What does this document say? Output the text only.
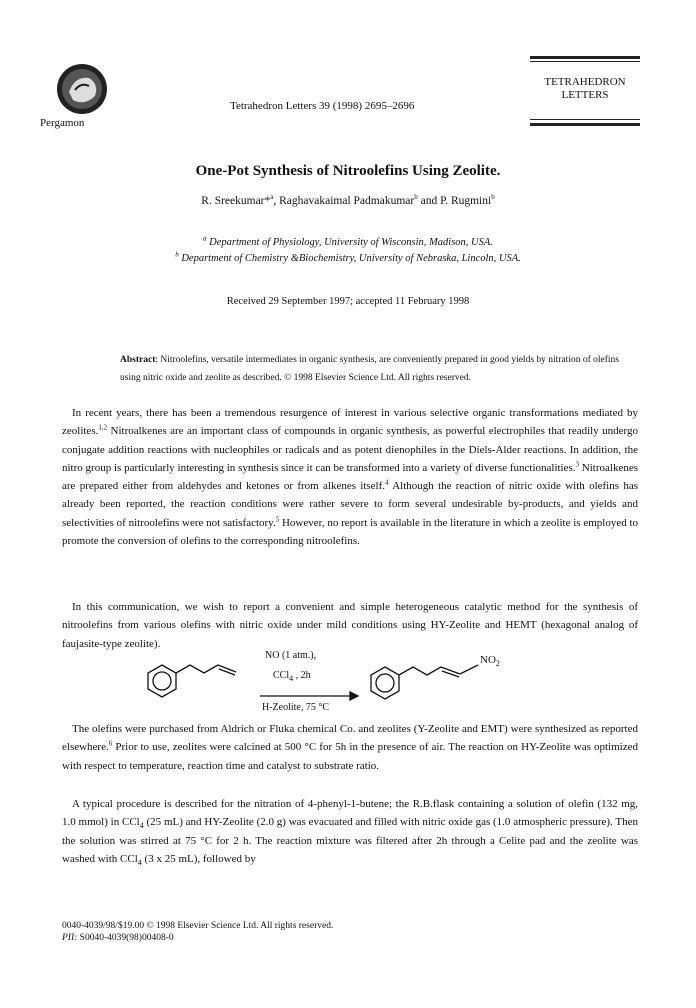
Pergamon
Tetrahedron Letters 39 (1998) 2695–2696
TETRAHEDRON
LETTERS
One-Pot Synthesis of Nitroolefins Using Zeolite.
R. Sreekumar*$^a$, Raghavakaimal Padmakumar$^b$ and P. Rugmini$^b$
$^a$ Department of Physiology, University of Wisconsin, Madison, USA.
$^b$ Department of Chemistry &Biochemistry, University of Nebraska, Lincoln, USA.
Received 29 September 1997; accepted 11 February 1998
Abstract: Nitroolefins, versatile intermediates in organic synthesis, are conveniently prepared in good yields by nitration of olefins using nitric oxide and zeolite as described. © 1998 Elsevier Science Ltd. All rights reserved.

In recent years, there has been a tremendous resurgence of interest in various selective organic transformations mediated by zeolites.$^{1,2}$ Nitroalkenes are an important class of compounds in organic synthesis, as powerful electrophiles that readily undergo conjugate addition reactions with nucleophiles or radicals and as potent dienophiles in the Diels-Alder reactions. In addition, the nitro group is particularly interesting in synthesis since it can be transformed into a variety of diverse functionalities.$^3$ Nitroalkenes are prepared either from aldehydes and ketones or from alkenes itself.$^4$ Although the reaction of nitric oxide with olefins has already been reported, the reaction conditions were rather severe to form several undesirable by-products, and yields and selectivities of nitroolefins were not satisfactory.$^5$ However, no report is available in the literature in which a zeolite is employed to promote the conversion of olefins to the corresponding nitroolefins.

In this communication, we wish to report a convenient and simple heterogeneous catalytic method for the synthesis of nitroolefins from various olefins with nitric oxide under mild conditions using HY-Zeolite and HEMT (hexagonal analog of faujasite-type zeolite).

NO (1 atm.),
CCl$_4$ , 2h
H-Zeolite, 75 °C
$NO_2$

The olefins were purchased from Aldrich or Fluka chemical Co. and zeolites (Y-Zeolite and EMT) were synthesized as reported elsewhere.$^6$ Prior to use, zeolites were calcined at 500 °C for 5h in the presence of air. The reaction on HY-Zeolite was optimized with respect to temperature, reaction time and catalyst to substrate ratio.

A typical procedure is described for the nitration of 4-phenyl-1-butene; the R.B.flask containing a solution of olefin (132 mg, 1.0 mmol) in CCl$_4$ (25 mL) and HY-Zeolite (2.0 g) was evacuated and filled with nitric oxide gas (1.0 atmospheric pressure). Then the solution was stirred at 75 °C for 2 h. The reaction mixture was filtered after 2h through a Celite pad and the zeolite was washed with CCl$_4$ (3 x 25 mL), followed by

0040-4039/98/$19.00 © 1998 Elsevier Science Ltd. All rights reserved.
PII: S0040-4039(98)00408-0
